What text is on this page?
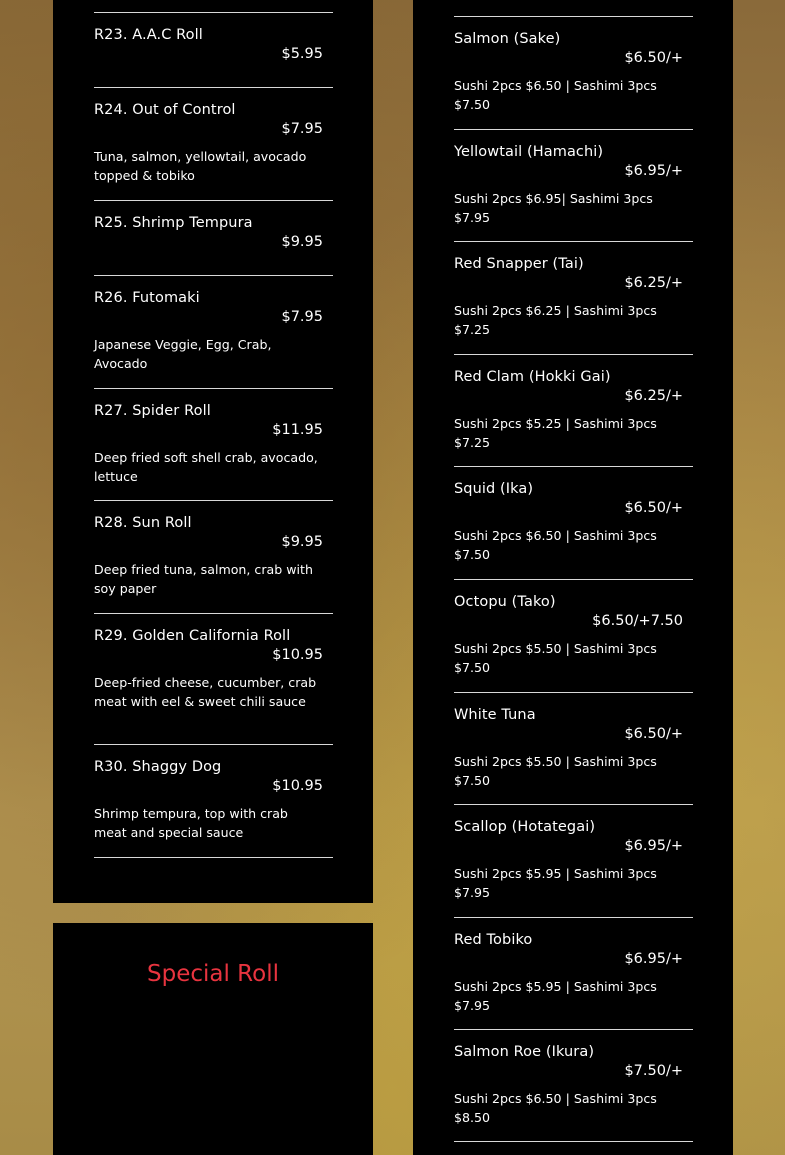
R23. A.A.C Roll
$5.95
R24. Out of Control
$7.95
Tuna, salmon, yellowtail, avocado topped & tobiko
R25. Shrimp Tempura
$9.95
R26. Futomaki
$7.95
Japanese Veggie, Egg, Crab, Avocado
R27. Spider Roll
$11.95
Deep fried soft shell crab, avocado, lettuce
R28. Sun Roll
$9.95
Deep fried tuna, salmon, crab with soy paper
R29. Golden California Roll
$10.95
Deep-fried cheese, cucumber, crab meat with eel & sweet chili sauce
R30. Shaggy Dog
$10.95
Shrimp tempura, top with crab meat and special sauce
Special Roll
Salmon (Sake)
$6.50/+
Sushi 2pcs $6.50 | Sashimi 3pcs $7.50
Yellowtail (Hamachi)
$6.95/+
Sushi 2pcs $6.95| Sashimi 3pcs $7.95
Red Snapper (Tai)
$6.25/+
Sushi 2pcs $6.25 | Sashimi 3pcs $7.25
Red Clam (Hokki Gai)
$6.25/+
Sushi 2pcs $5.25 | Sashimi 3pcs $7.25
Squid (Ika)
$6.50/+
Sushi 2pcs $6.50 | Sashimi 3pcs $7.50
Octopu (Tako)
$6.50/+7.50
Sushi 2pcs $5.50 | Sashimi 3pcs $7.50
White Tuna
$6.50/+
Sushi 2pcs $5.50 | Sashimi 3pcs $7.50
Scallop (Hotategai)
$6.95/+
Sushi 2pcs $5.95 | Sashimi 3pcs $7.95
Red Tobiko
$6.95/+
Sushi 2pcs $5.95 | Sashimi 3pcs $7.95
Salmon Roe (Ikura)
$7.50/+
Sushi 2pcs $6.50 | Sashimi 3pcs $8.50
